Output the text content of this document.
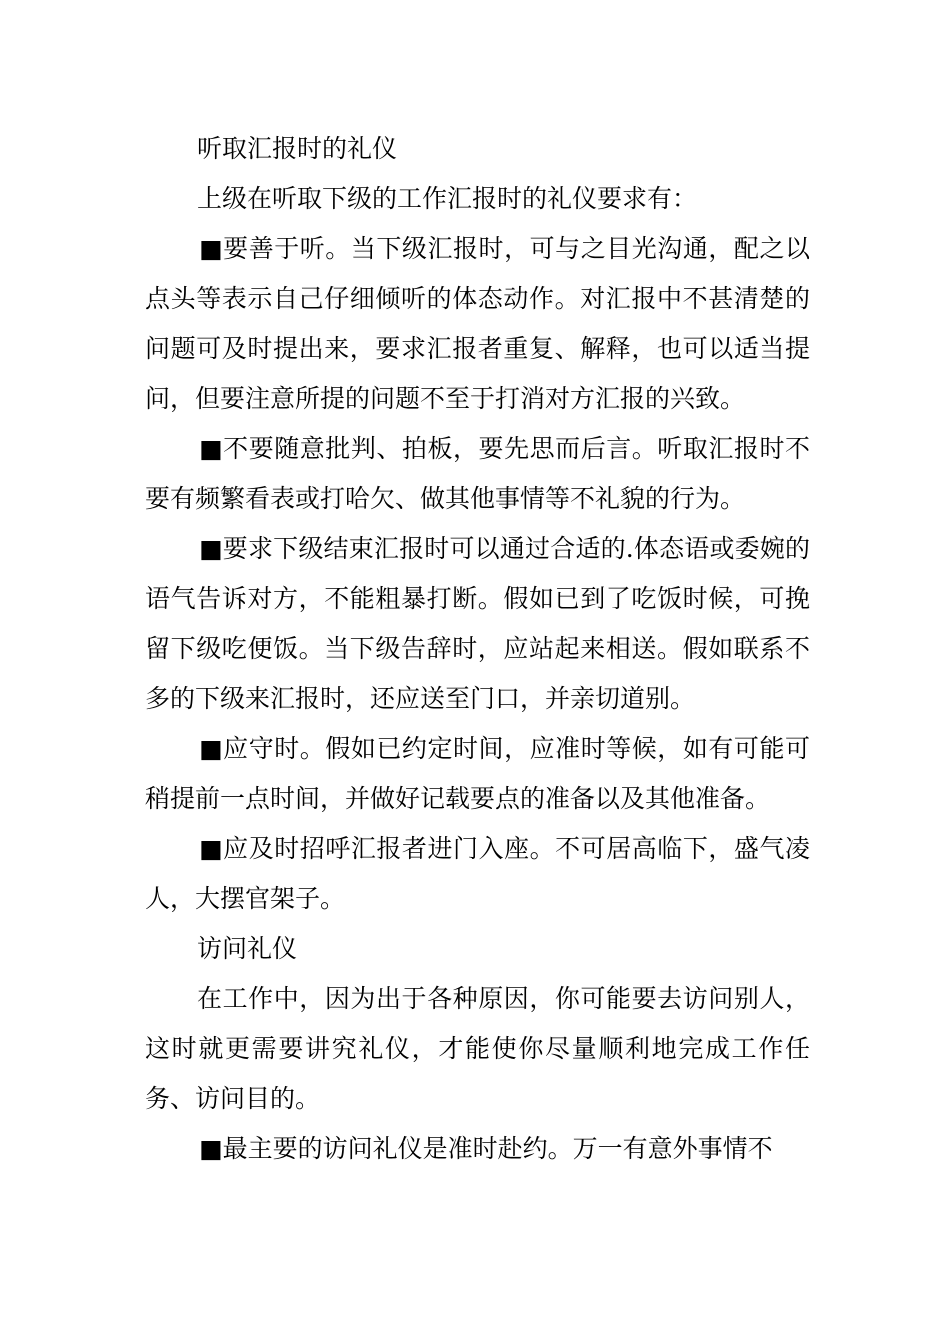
听取汇报时的礼仪

上级在听取下级的工作汇报时的礼仪要求有：

■要善于听。当下级汇报时，可与之目光沟通，配之以点头等表示自己仔细倾听的体态动作。对汇报中不甚清楚的问题可及时提出来，要求汇报者重复、解释，也可以适当提问，但要注意所提的问题不至于打消对方汇报的兴致。

■不要随意批判、拍板，要先思而后言。听取汇报时不要有频繁看表或打哈欠、做其他事情等不礼貌的行为。

■要求下级结束汇报时可以通过合适的.体态语或委婉的语气告诉对方，不能粗暴打断。假如已到了吃饭时候，可挽留下级吃便饭。当下级告辞时，应站起来相送。假如联系不多的下级来汇报时，还应送至门口，并亲切道别。

■应守时。假如已约定时间，应准时等候，如有可能可稍提前一点时间，并做好记载要点的准备以及其他准备。

■应及时招呼汇报者进门入座。不可居高临下，盛气凌人，大摆官架子。

访问礼仪

在工作中，因为出于各种原因，你可能要去访问别人，这时就更需要讲究礼仪，才能使你尽量顺利地完成工作任务、访问目的。

■最主要的访问礼仪是准时赴约。万一有意外事情不
